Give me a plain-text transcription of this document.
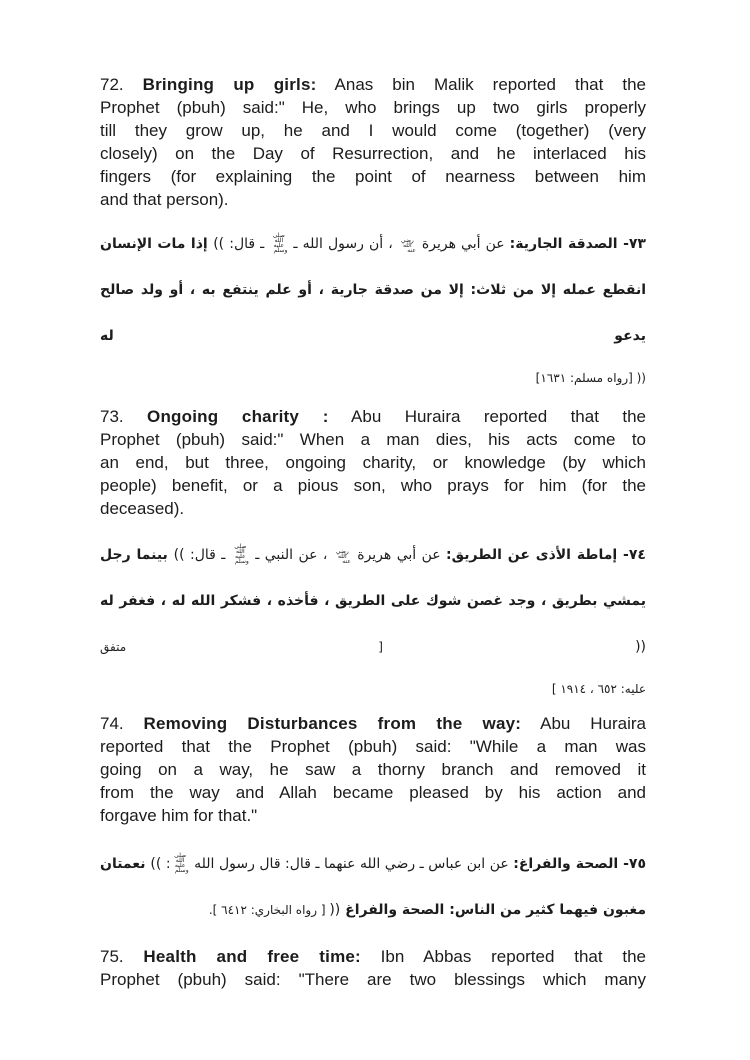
72. Bringing up girls: Anas bin Malik reported that the
Prophet (pbuh) said:" He, who brings up two girls properly
till they grow up, he and I would come (together) (very
closely) on the Day of Resurrection, and he interlaced his
fingers (for explaining the point of nearness between him
and that person).
٧٣- الصدقة الجارية: عن أبي هريرة رضي الله عنه ، أن رسول الله ـ صلى الله عليه وسلم ـ قال: (( إذا مات الإنسان
انقطع عمله إلا من ثلاث: إلا من صدقة جارية ، أو علم ينتفع به ، أو ولد صالح يدعو له
)) [رواه مسلم: ١٦٣١]
73. Ongoing charity : Abu Huraira reported that the
Prophet (pbuh) said:" When a man dies, his acts come to
an end, but three, ongoing charity, or knowledge (by which
people) benefit, or a pious son, who prays for him (for the
deceased).
٧٤- إماطة الأذى عن الطريق: عن أبي هريرة رضي الله عنه ، عن النبي ـ صلى الله عليه وسلم ـ قال: (( بينما رجل
يمشي بطريق ، وجد غصن شوك على الطريق ، فأخذه ، فشكر الله له ، فغفر له )) [ متفق
عليه: ٦٥٢ ، ١٩١٤ ]
74. Removing Disturbances from the way: Abu Huraira
reported that the Prophet (pbuh) said: "While a man was
going on a way, he saw a thorny branch and removed it
from the way and Allah became pleased by his action and
forgave him for that."
٧٥- الصحة والفراغ: عن ابن عباس ـ رضي الله عنهما ـ قال: قال رسول الله صلى الله عليه وسلم: (( نعمتان
مغبون فيهما كثير من الناس: الصحة والفراغ )) [ رواه البخاري: ٦٤١٢ ].
75. Health and free time: Ibn Abbas reported that the
Prophet (pbuh) said: "There are two blessings which many
